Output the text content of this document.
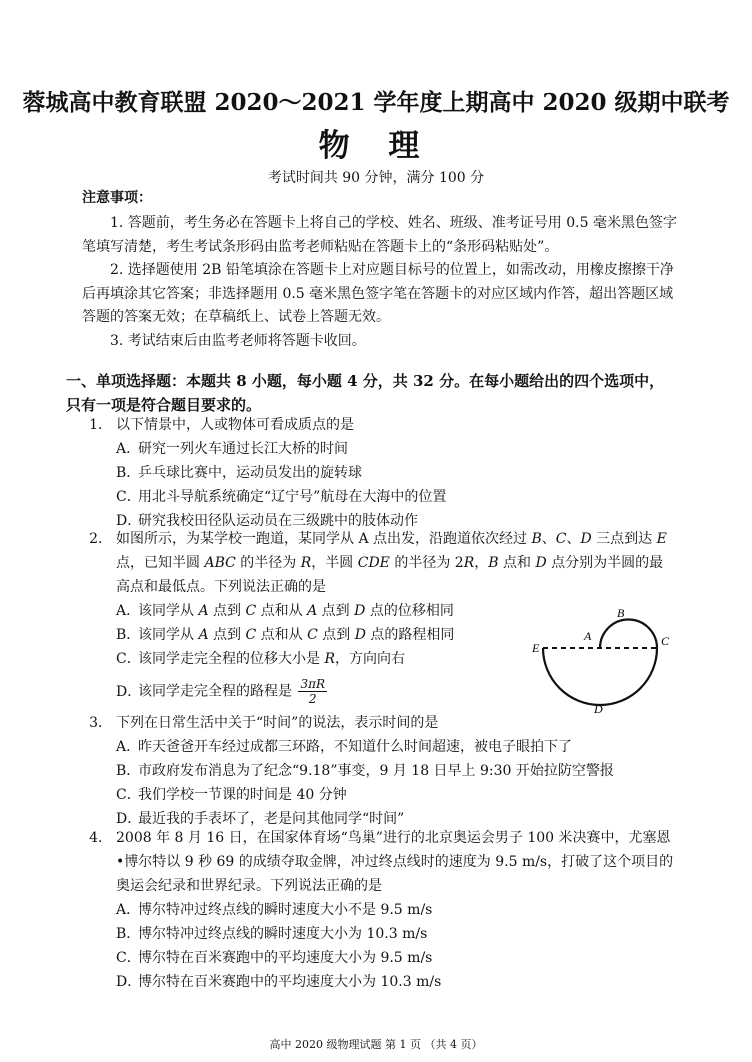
蓉城高中教育联盟 2020～2021 学年度上期高中 2020 级期中联考
物 理
考试时间共 90 分钟，满分 100 分
注意事项：
1. 答题前，考生务必在答题卡上将自己的学校、姓名、班级、准考证号用 0.5 毫米黑色签字笔填写清楚，考生考试条形码由监考老师粘贴在答题卡上的“条形码粘贴处”。
2. 选择题使用 2B 铅笔填涂在答题卡上对应题目标号的位置上，如需改动，用橡皮擦擦干净后再填涂其它答案；非选择题用 0.5 毫米黑色签字笔在答题卡的对应区域内作答，超出答题区域答题的答案无效；在草稿纸上、试卷上答题无效。
3. 考试结束后由监考老师将答题卡收回。
一、单项选择题：本题共 8 小题，每小题 4 分，共 32 分。在每小题给出的四个选项中，只有一项是符合题目要求的。
1． 以下情景中，人或物体可看成质点的是
A．研究一列火车通过长江大桥的时间
B．乒乓球比赛中，运动员发出的旋转球
C．用北斗导航系统确定“辽宁号”航母在大海中的位置
D．研究我校田径队运动员在三级跳中的肢体动作
2． 如图所示，为某学校一跑道，某同学从 A 点出发，沿跑道依次经过 B、C、D 三点到达 E 点，已知半圆 ABC 的半径为 R，半圆 CDE 的半径为 2R，B 点和 D 点分别为半圆的最高点和最低点。下列说法正确的是
A．该同学从 A 点到 C 点和从 A 点到 D 点的位移相同
B．该同学从 A 点到 C 点和从 C 点到 D 点的路程相同
C．该同学走完全程的位移大小是 R，方向向右
D．该同学走完全程的路程是 $\frac{3\pi R}{2}$
E
A
B
C
D
3． 下列在日常生活中关于“时间”的说法，表示时间的是
A．昨天爸爸开车经过成都三环路，不知道什么时间超速，被电子眼拍下了
B．市政府发布消息为了纪念“9.18”事变，9 月 18 日早上 9:30 开始拉防空警报
C．我们学校一节课的时间是 40 分钟
D．最近我的手表坏了，老是问其他同学“时间”
4． 2008 年 8 月 16 日，在国家体育场“鸟巢”进行的北京奥运会男子 100 米决赛中，尤塞恩•博尔特以 9 秒 69 的成绩夺取金牌，冲过终点线时的速度为 9.5 m/s，打破了这个项目的奥运会纪录和世界纪录。下列说法正确的是
A．博尔特冲过终点线的瞬时速度大小不是 9.5 m/s
B．博尔特冲过终点线的瞬时速度大小为 10.3 m/s
C．博尔特在百米赛跑中的平均速度大小为 9.5 m/s
D．博尔特在百米赛跑中的平均速度大小为 10.3 m/s
高中 2020 级物理试题 第 1 页 （共 4 页）
